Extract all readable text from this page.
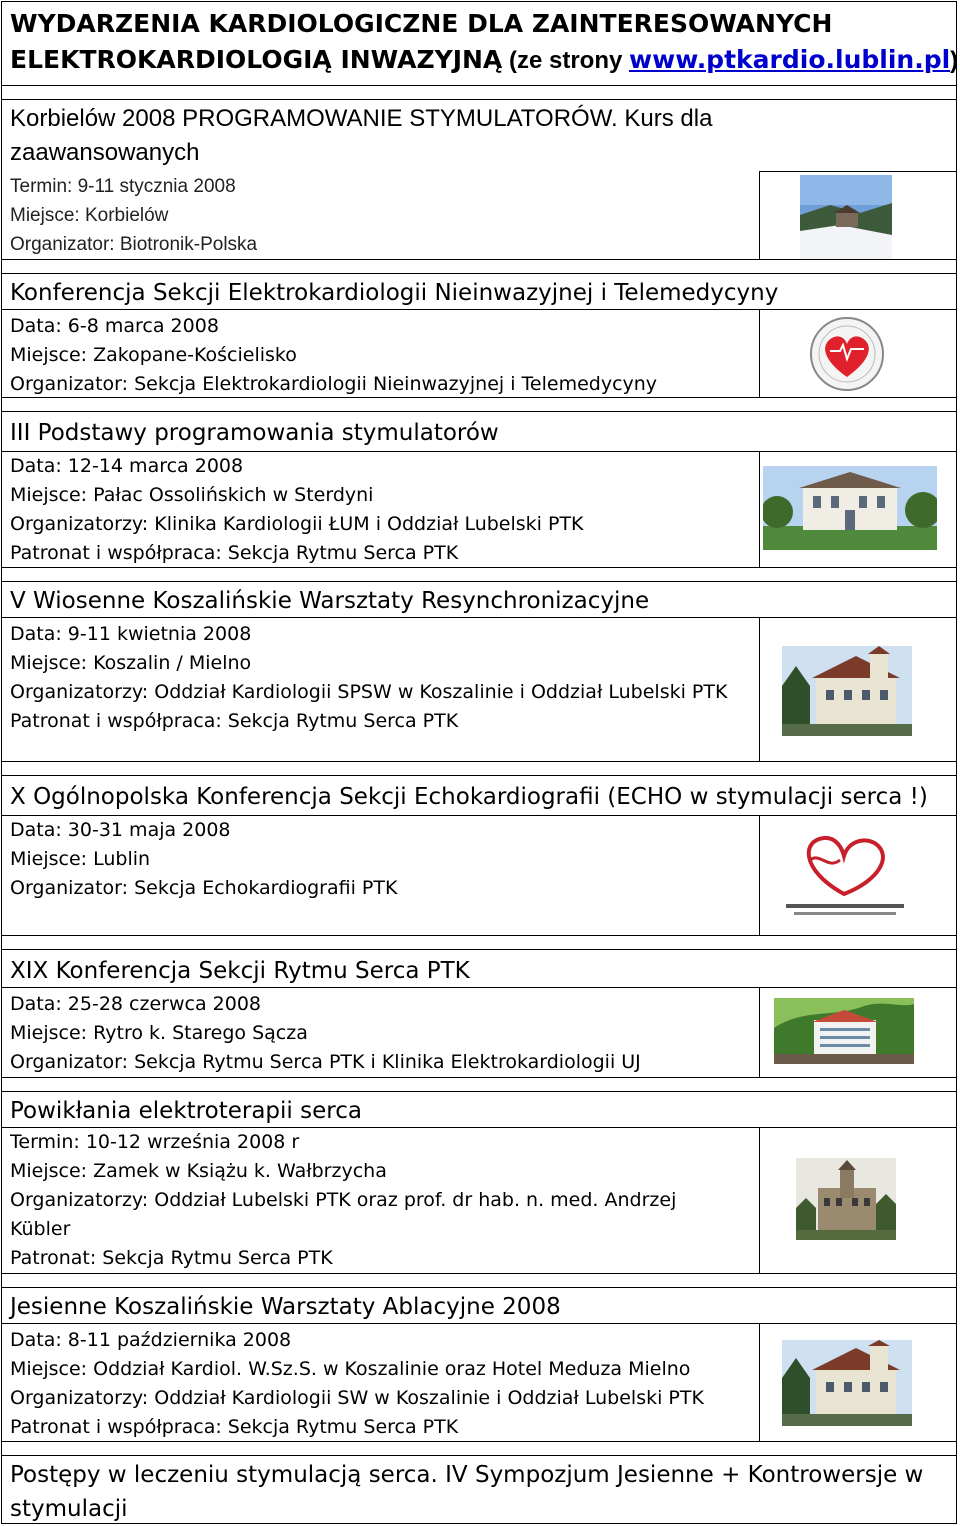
WYDARZENIA KARDIOLOGICZNE DLA ZAINTERESOWANYCH
ELEKTROKARDIOLOGIĄ INWAZYJNĄ (ze strony www.ptkardio.lublin.pl)
Korbielów 2008 PROGRAMOWANIE STYMULATORÓW. Kurs dla zaawansowanych
Termin: 9-11 stycznia 2008
Miejsce: Korbielów
Organizator: Biotronik-Polska
Konferencja Sekcji Elektrokardiologii Nieinwazyjnej i Telemedycyny
Data: 6-8 marca 2008
Miejsce: Zakopane-Kościelisko
Organizator: Sekcja Elektrokardiologii Nieinwazyjnej i Telemedycyny
III Podstawy programowania stymulatorów
Data: 12-14 marca 2008
Miejsce: Pałac Ossolińskich w Sterdyni
Organizatorzy: Klinika Kardiologii ŁUM i Oddział Lubelski PTK
Patronat i współpraca: Sekcja Rytmu Serca PTK
V Wiosenne Koszalińskie Warsztaty Resynchronizacyjne
Data: 9-11 kwietnia 2008
Miejsce: Koszalin / Mielno
Organizatorzy: Oddział Kardiologii SPSW w Koszalinie i Oddział Lubelski PTK
Patronat i współpraca: Sekcja Rytmu Serca PTK
X Ogólnopolska Konferencja Sekcji Echokardiografii (ECHO w stymulacji serca !)
Data: 30-31 maja 2008
Miejsce: Lublin
Organizator: Sekcja Echokardiografii PTK
XIX Konferencja Sekcji Rytmu Serca PTK
Data: 25-28 czerwca 2008
Miejsce: Rytro k. Starego Sącza
Organizator: Sekcja Rytmu Serca PTK i Klinika Elektrokardiologii UJ
Powikłania elektroterapii serca
Termin: 10-12 września 2008 r
Miejsce: Zamek w Książu k. Wałbrzycha
Organizatorzy: Oddział Lubelski PTK oraz prof. dr hab. n. med. Andrzej Kübler
Patronat: Sekcja Rytmu Serca PTK
Jesienne Koszalińskie Warsztaty Ablacyjne 2008
Data: 8-11 października 2008
Miejsce: Oddział Kardiol. W.Sz.S. w Koszalinie oraz Hotel Meduza Mielno
Organizatorzy: Oddział Kardiologii SW w Koszalinie i Oddział Lubelski PTK
Patronat i współpraca: Sekcja Rytmu Serca PTK
Postępy w leczeniu stymulacją serca. IV Sympozjum Jesienne + Kontrowersje w stymulacji
